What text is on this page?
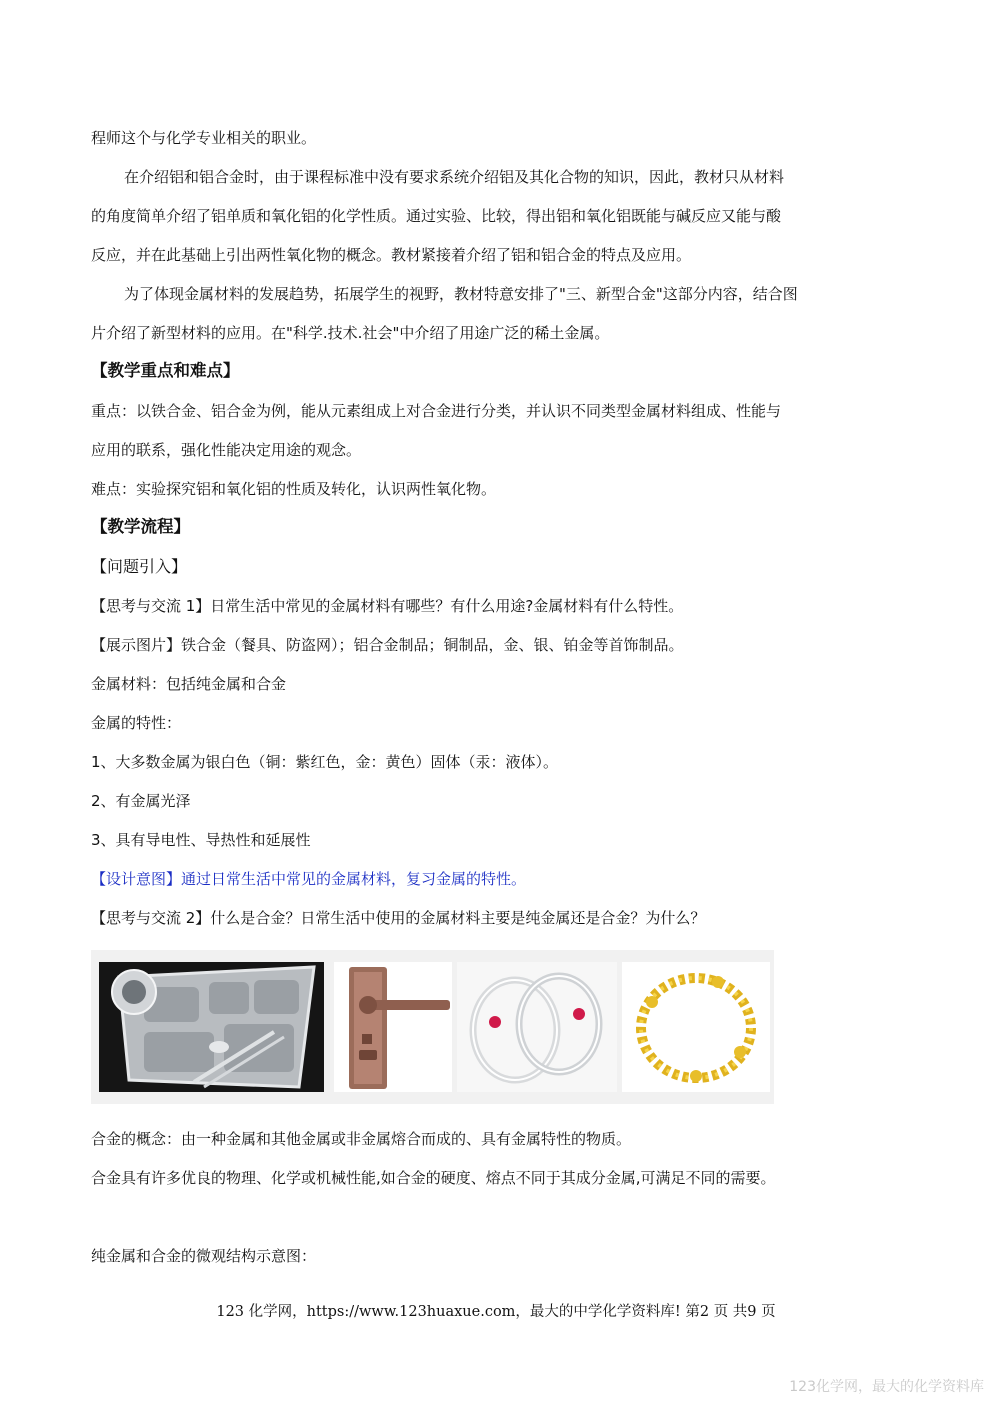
程师这个与化学专业相关的职业。
在介绍铝和铝合金时，由于课程标准中没有要求系统介绍铝及其化合物的知识，因此，教材只从材料
的角度简单介绍了铝单质和氧化铝的化学性质。通过实验、比较，得出铝和氧化铝既能与碱反应又能与酸
反应，并在此基础上引出两性氧化物的概念。教材紧接着介绍了铝和铝合金的特点及应用。
为了体现金属材料的发展趋势，拓展学生的视野，教材特意安排了"三、新型合金"这部分内容，结合图
片介绍了新型材料的应用。在"科学.技术.社会"中介绍了用途广泛的稀土金属。
【教学重点和难点】
重点：以铁合金、铝合金为例，能从元素组成上对合金进行分类，并认识不同类型金属材料组成、性能与
应用的联系，强化性能决定用途的观念。
难点：实验探究铝和氧化铝的性质及转化，认识两性氧化物。
【教学流程】
【问题引入】
【思考与交流 1】日常生活中常见的金属材料有哪些？有什么用途?金属材料有什么特性。
【展示图片】铁合金（餐具、防盗网）；铝合金制品；铜制品，金、银、铂金等首饰制品。
金属材料：包括纯金属和合金
金属的特性：
1、大多数金属为银白色（铜：紫红色，金：黄色）固体（汞：液体）。
2、有金属光泽
3、具有导电性、导热性和延展性
【设计意图】通过日常生活中常见的金属材料，复习金属的特性。
【思考与交流 2】什么是合金？日常生活中使用的金属材料主要是纯金属还是合金？为什么？
合金的概念：由一种金属和其他金属或非金属熔合而成的、具有金属特性的物质。
合金具有许多优良的物理、化学或机械性能,如合金的硬度、熔点不同于其成分金属,可满足不同的需要。
纯金属和合金的微观结构示意图：
123 化学网，https://www.123huaxue.com，最大的中学化学资料库! 第2 页 共9 页
123化学网，最大的化学资料库
